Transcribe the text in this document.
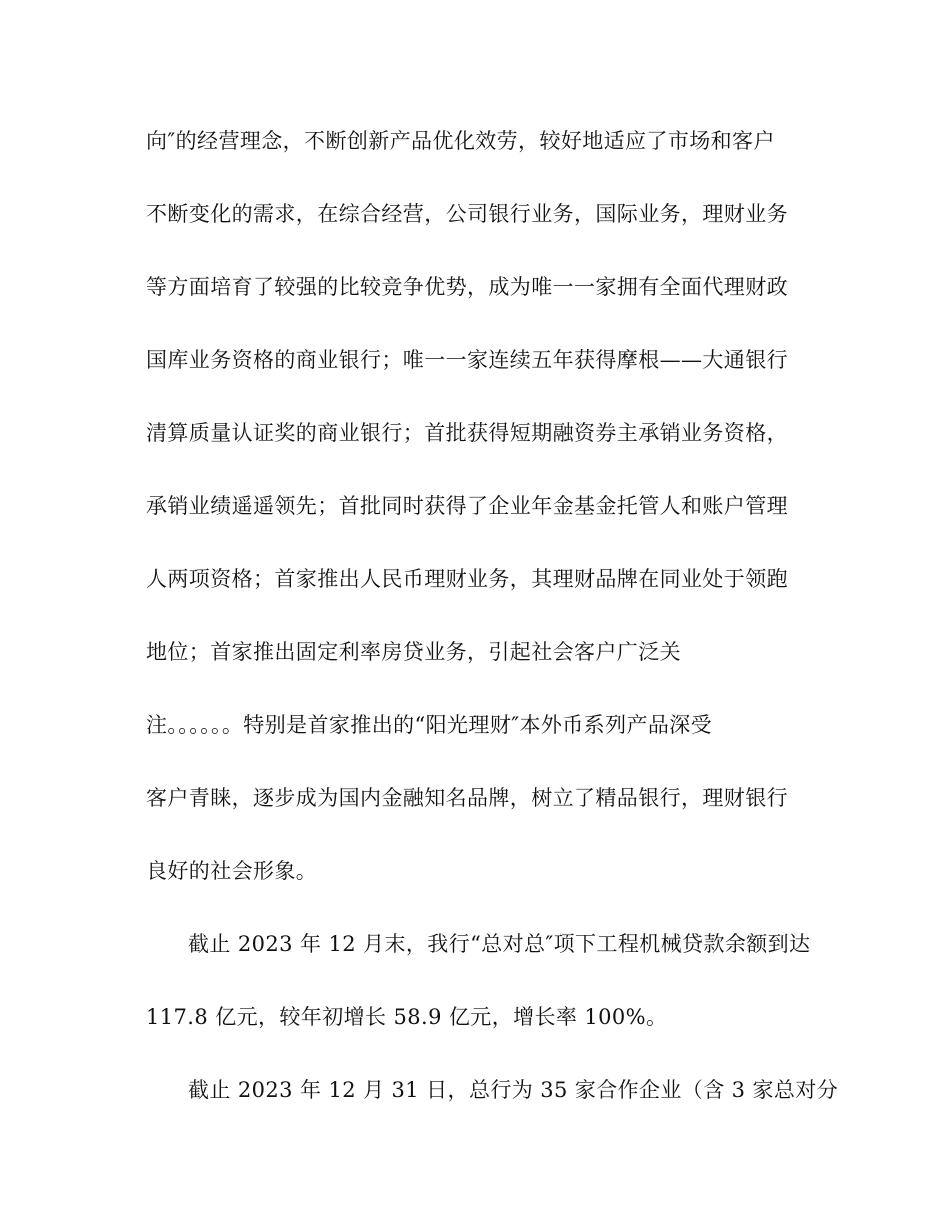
向″的经营理念，不断创新产品优化效劳，较好地适应了市场和客户
不断变化的需求，在综合经营，公司银行业务，国际业务，理财业务
等方面培育了较强的比较竞争优势，成为唯一一家拥有全面代理财政
国库业务资格的商业银行；唯一一家连续五年获得摩根——大通银行
清算质量认证奖的商业银行；首批获得短期融资券主承销业务资格，
承销业绩遥遥领先；首批同时获得了企业年金基金托管人和账户管理
人两项资格；首家推出人民币理财业务，其理财品牌在同业处于领跑
地位；首家推出固定利率房贷业务，引起社会客户广泛关
注。。。。。。特别是首家推出的“阳光理财″本外币系列产品深受
客户青睐，逐步成为国内金融知名品牌，树立了精品银行，理财银行
良好的社会形象。
截止 2023 年 12 月末，我行“总对总″项下工程机械贷款余额到达
117.8 亿元，较年初增长 58.9 亿元，增长率 100%。
截止 2023 年 12 月 31 日，总行为 35 家合作企业（含 3 家总对分
